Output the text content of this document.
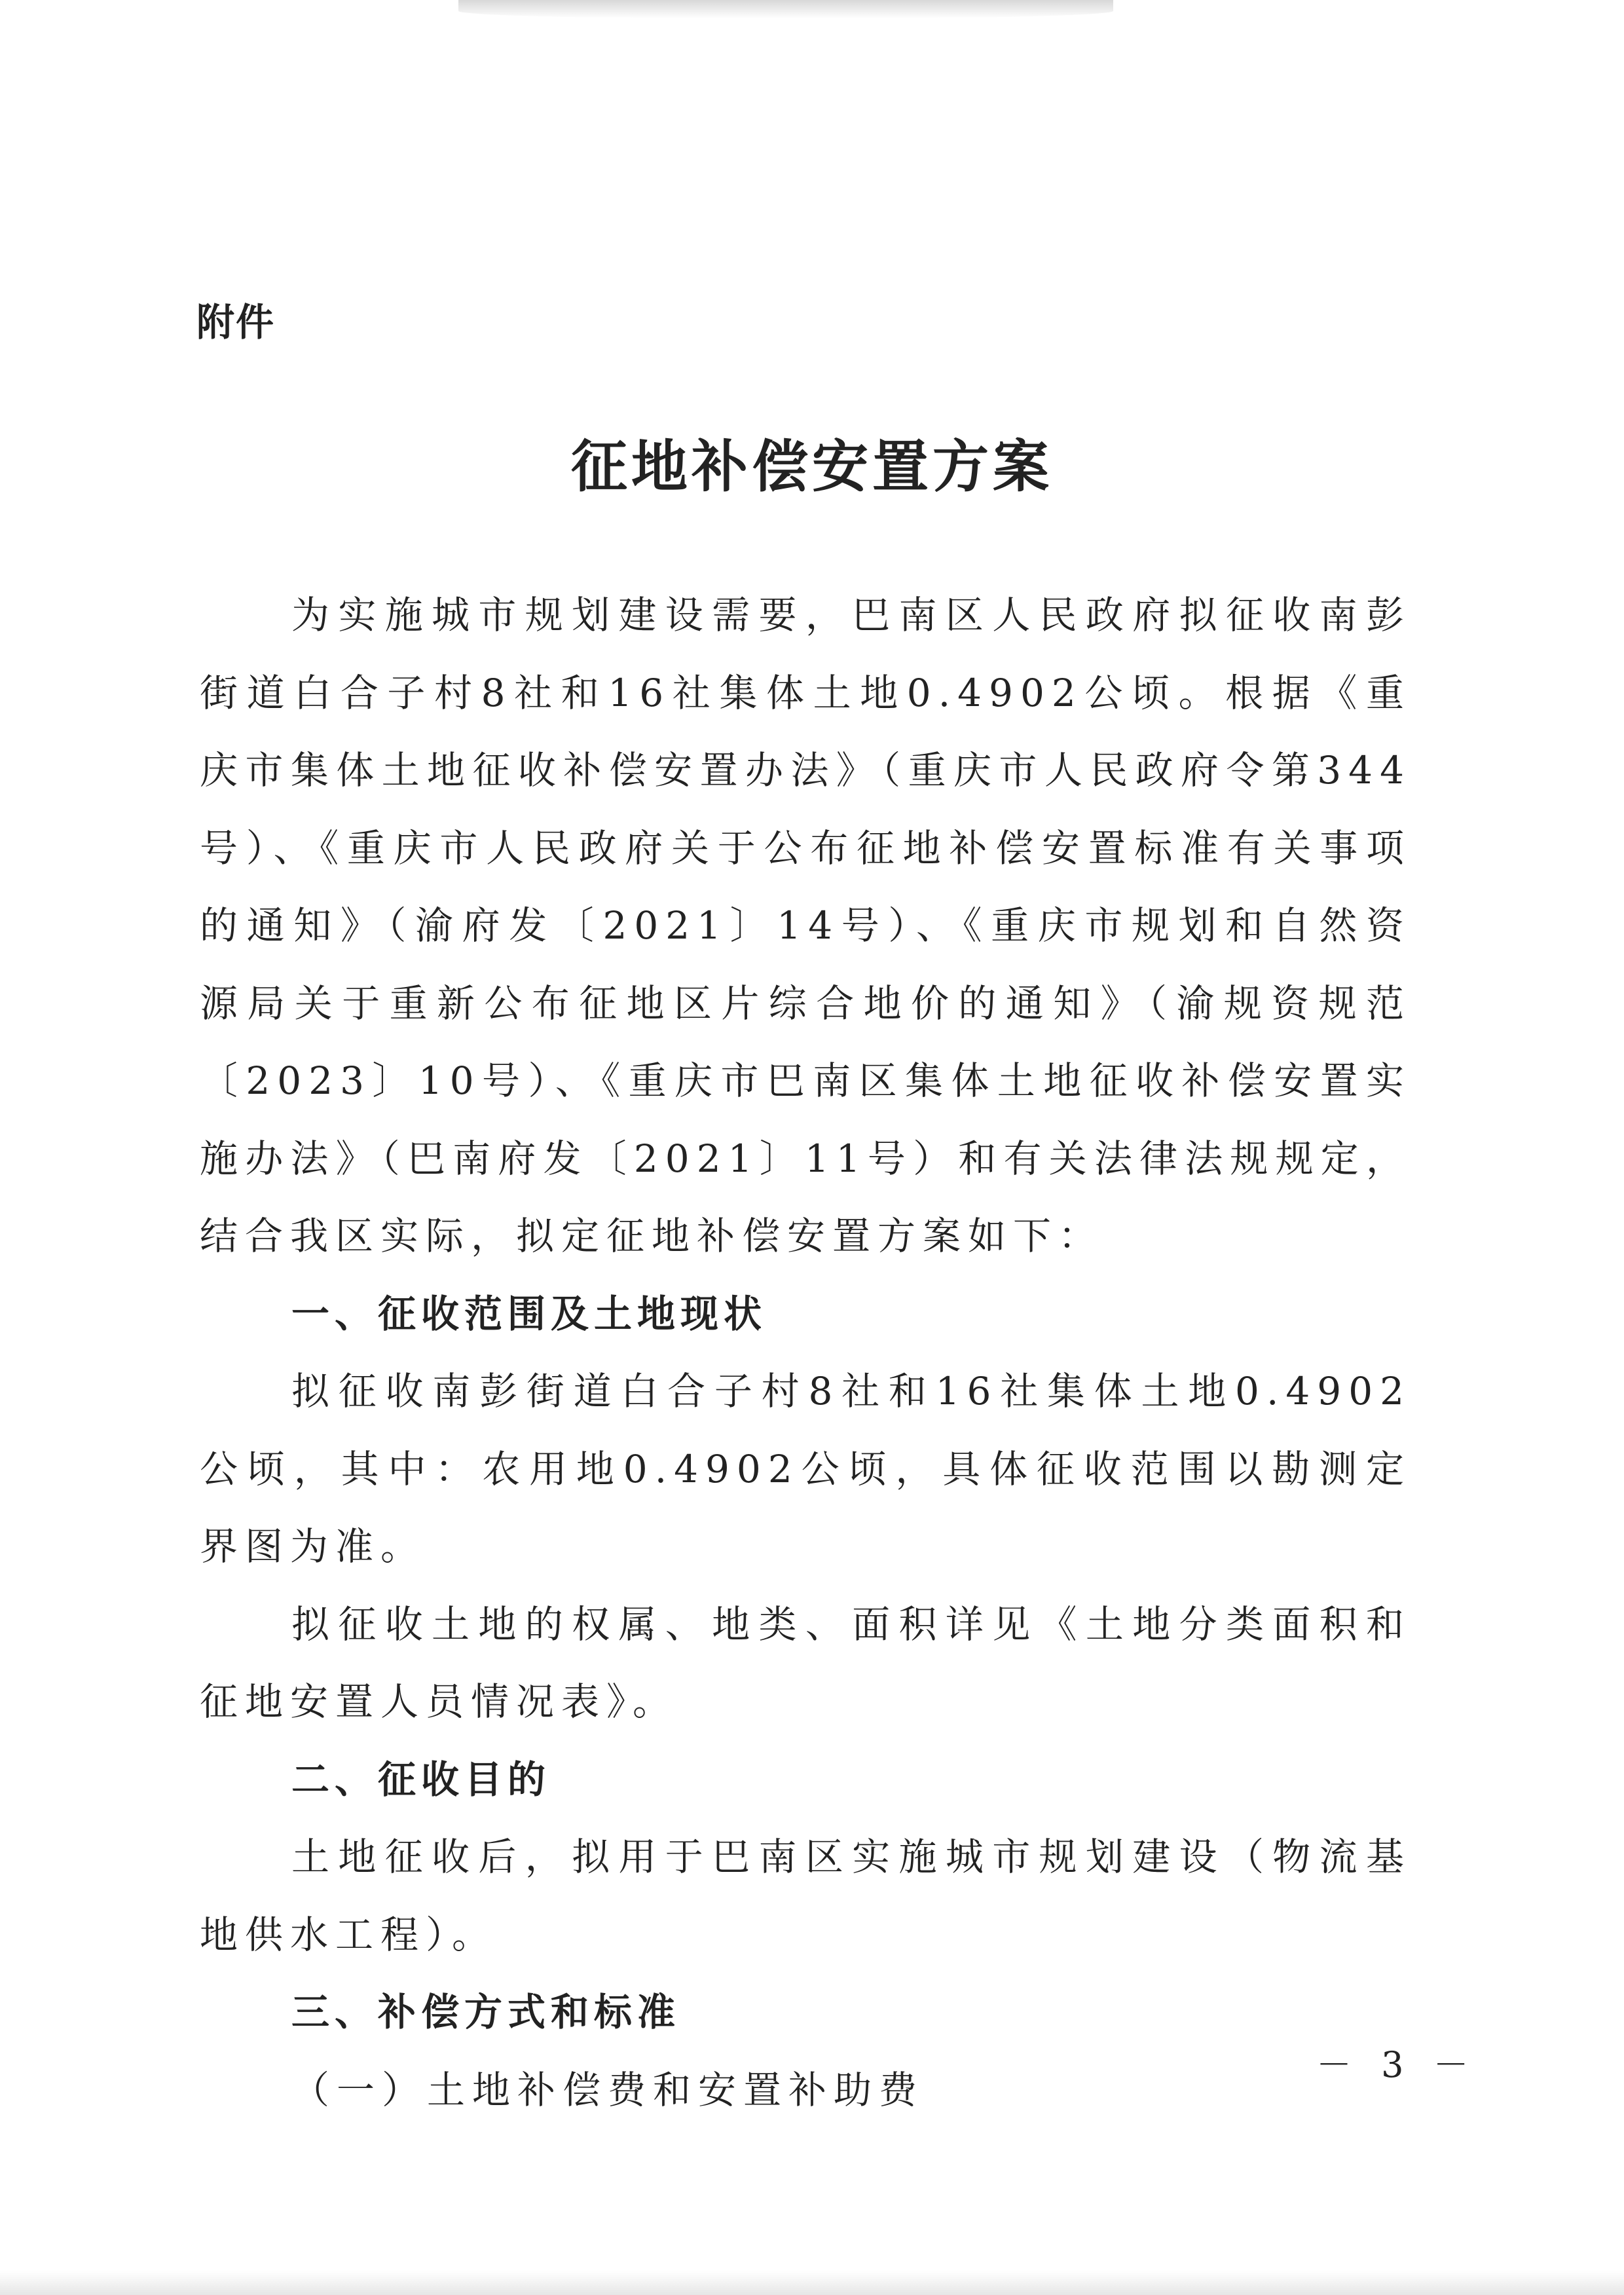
附件
征地补偿安置方案

为实施城市规划建设需要，巴南区人民政府拟征收南彭街道白合子村8社和16社集体土地0.4902公顷。根据《重庆市集体土地征收补偿安置办法》（重庆市人民政府令第344号）、《重庆市人民政府关于公布征地补偿安置标准有关事项的通知》（渝府发〔2021〕14号）、《重庆市规划和自然资源局关于重新公布征地区片综合地价的通知》（渝规资规范〔2023〕10号）、《重庆市巴南区集体土地征收补偿安置实施办法》（巴南府发〔2021〕11号）和有关法律法规规定，结合我区实际，拟定征地补偿安置方案如下：

一、征收范围及土地现状

拟征收南彭街道白合子村8社和16社集体土地0.4902公顷，其中：农用地0.4902公顷，具体征收范围以勘测定界图为准。

拟征收土地的权属、地类、面积详见《土地分类面积和征地安置人员情况表》。

二、征收目的

土地征收后，拟用于巴南区实施城市规划建设（物流基地供水工程）。

三、补偿方式和标准

（一）土地补偿费和安置补助费

－ 3 －
